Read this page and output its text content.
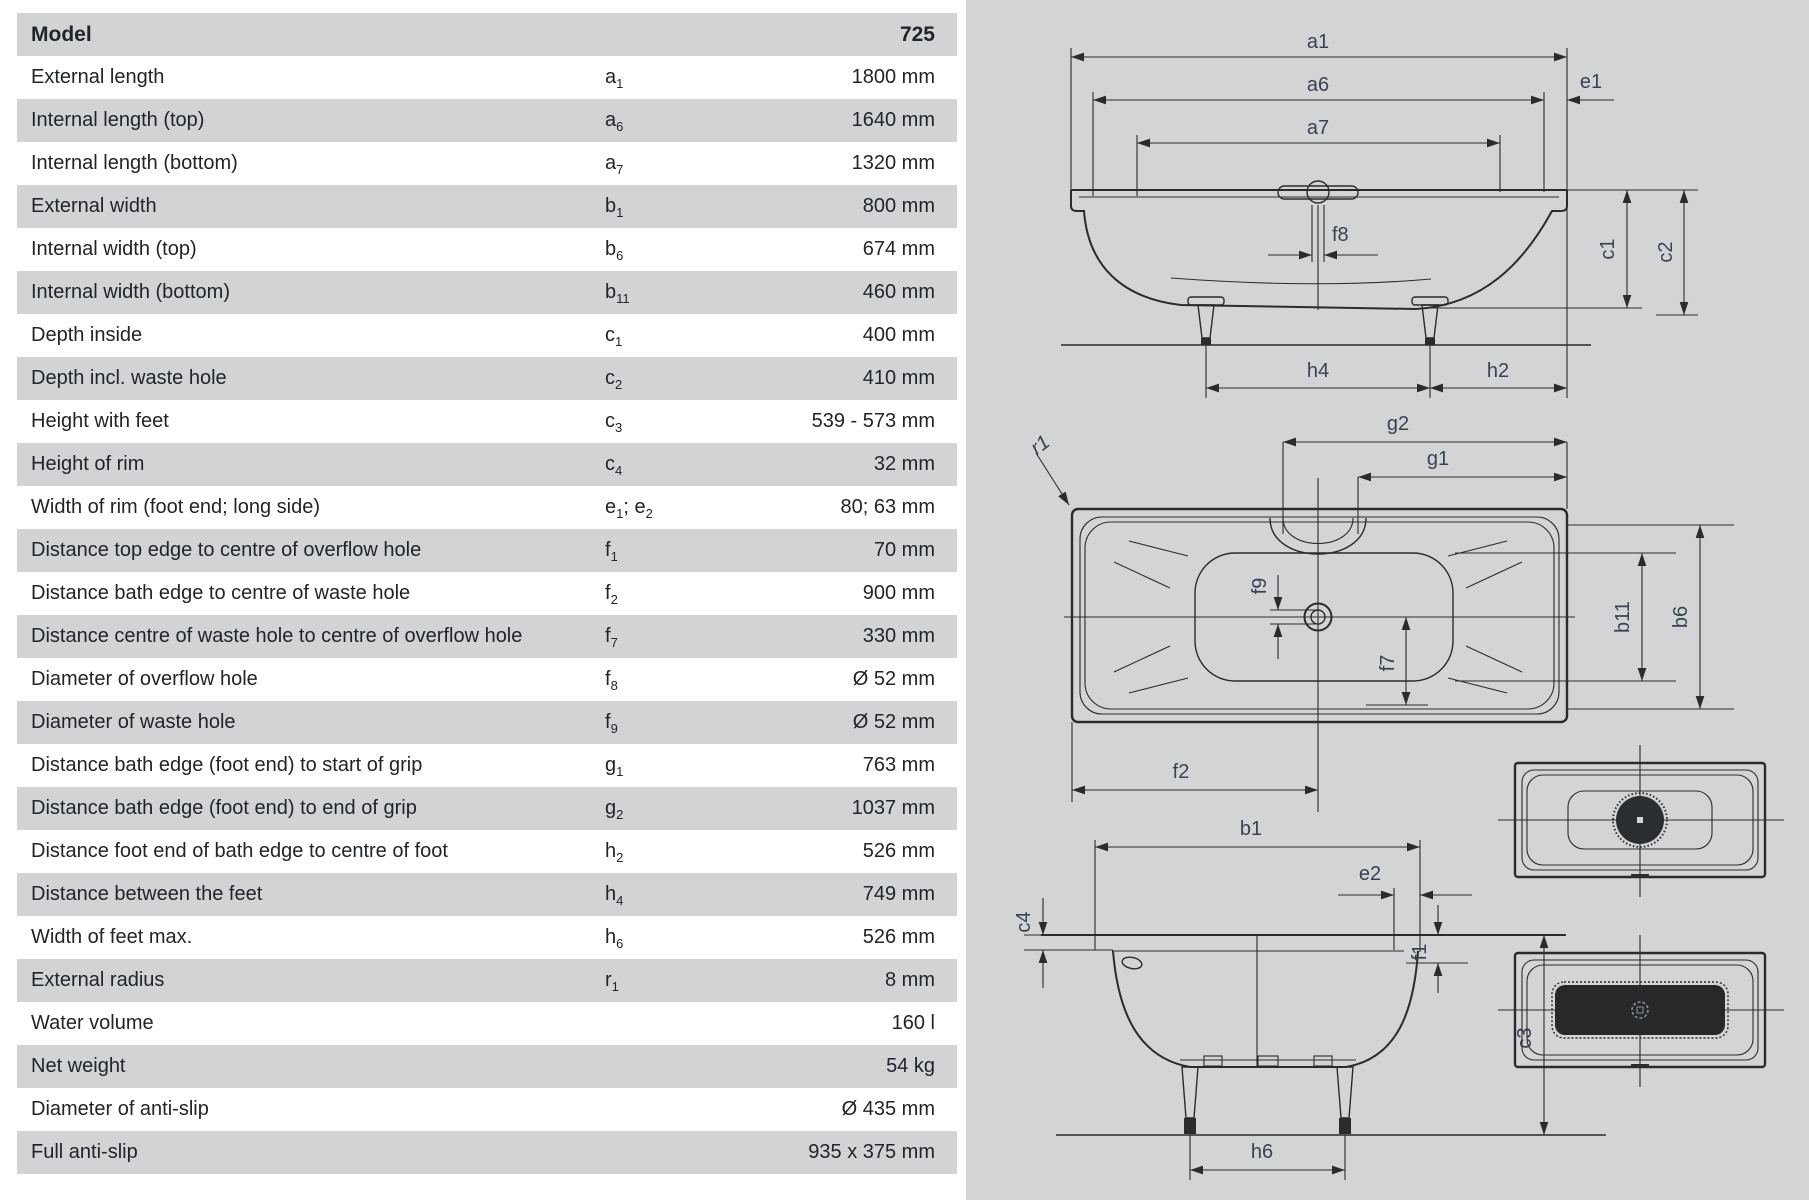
Model	725
External length	$a_1$	1800 mm
Internal length (top)	$a_6$	1640 mm
Internal length (bottom)	$a_7$	1320 mm
External width	$b_1$	800 mm
Internal width (top)	$b_6$	674 mm
Internal width (bottom)	$b_{11}$	460 mm
Depth inside	$c_1$	400 mm
Depth incl. waste hole	$c_2$	410 mm
Height with feet	$c_3$	539 - 573 mm
Height of rim	$c_4$	32 mm
Width of rim (foot end; long side)	$e_1$; $e_2$	80; 63 mm
Distance top edge to centre of overflow hole	$f_1$	70 mm
Distance bath edge to centre of waste hole	$f_2$	900 mm
Distance centre of waste hole to centre of overflow hole	$f_7$	330 mm
Diameter of overflow hole	$f_8$	Ø 52 mm
Diameter of waste hole	$f_9$	Ø 52 mm
Distance bath edge (foot end) to start of grip	$g_1$	763 mm
Distance bath edge (foot end) to end of grip	$g_2$	1037 mm
Distance foot end of bath edge to centre of foot	$h_2$	526 mm
Distance between the feet	$h_4$	749 mm
Width of feet max.	$h_6$	526 mm
External radius	$r_1$	8 mm
Water volume	160 l
Net weight	54 kg
Diameter of anti-slip	Ø 435 mm
Full anti-slip	935 x 375 mm
a1
a6
a7
e1
f8
c1 c2
h4	h2
f9
f7
r1
g2
g1
b11 b6
f2
b1
e2
f1
c3
c4
h6
